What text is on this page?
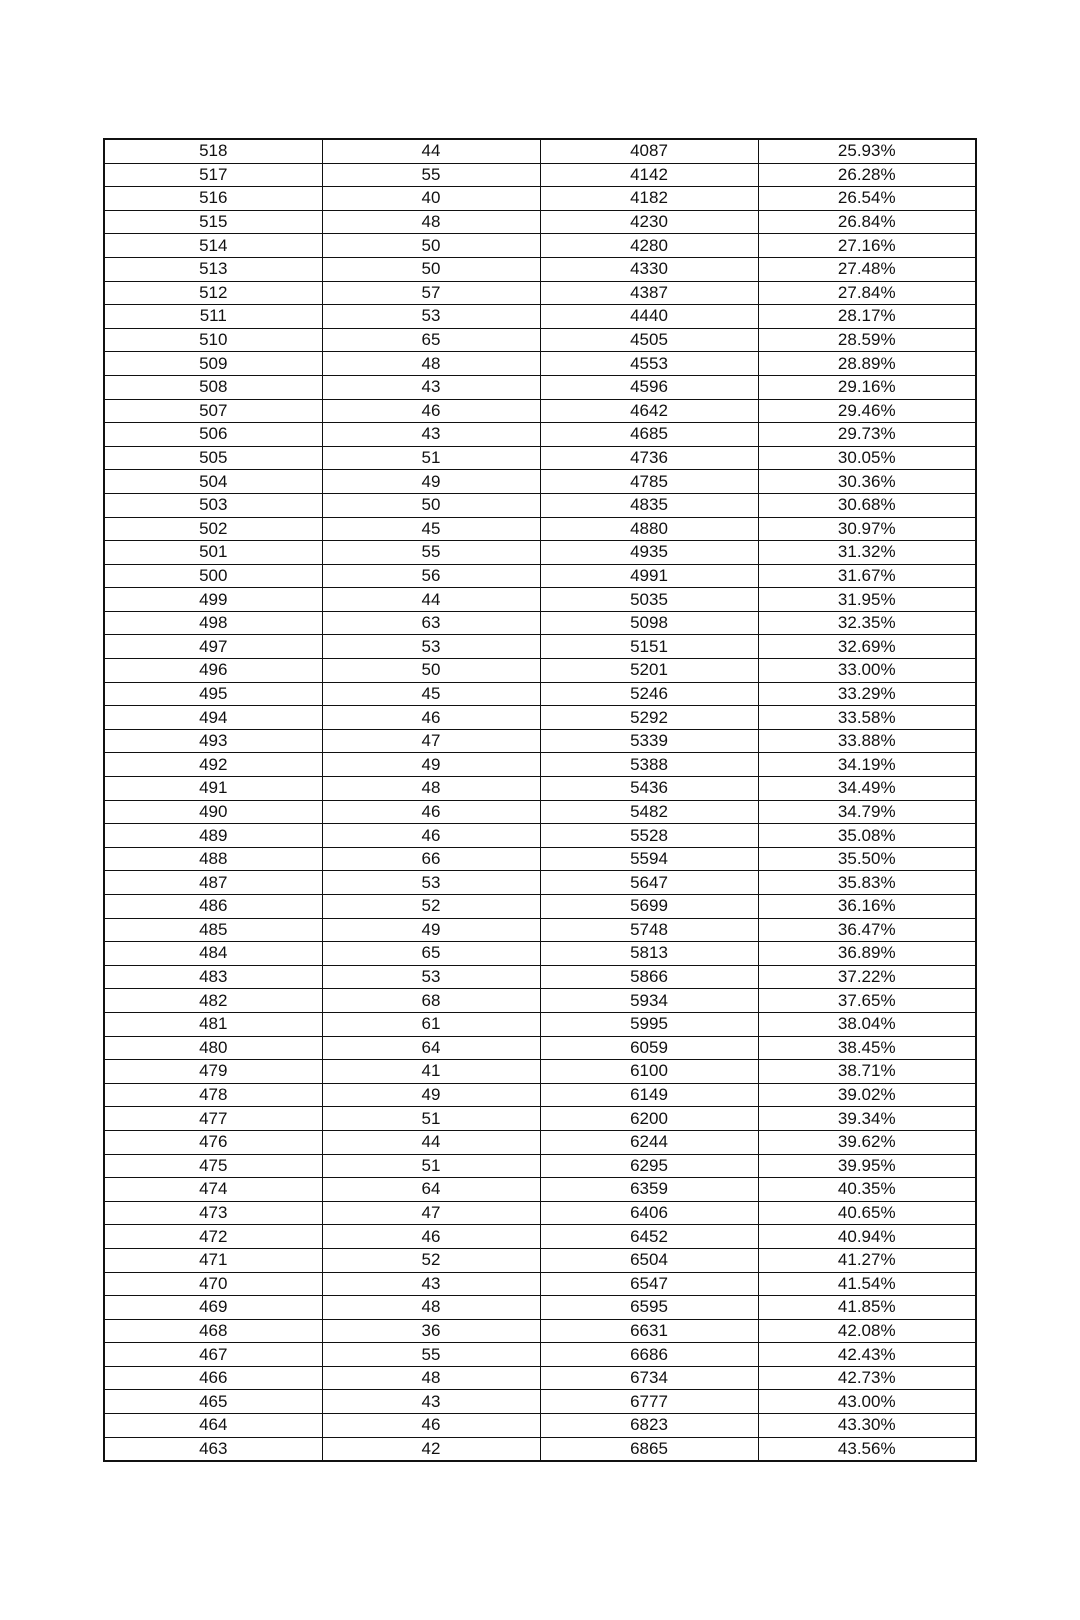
518	44	4087	25.93%
517	55	4142	26.28%
516	40	4182	26.54%
515	48	4230	26.84%
514	50	4280	27.16%
513	50	4330	27.48%
512	57	4387	27.84%
511	53	4440	28.17%
510	65	4505	28.59%
509	48	4553	28.89%
508	43	4596	29.16%
507	46	4642	29.46%
506	43	4685	29.73%
505	51	4736	30.05%
504	49	4785	30.36%
503	50	4835	30.68%
502	45	4880	30.97%
501	55	4935	31.32%
500	56	4991	31.67%
499	44	5035	31.95%
498	63	5098	32.35%
497	53	5151	32.69%
496	50	5201	33.00%
495	45	5246	33.29%
494	46	5292	33.58%
493	47	5339	33.88%
492	49	5388	34.19%
491	48	5436	34.49%
490	46	5482	34.79%
489	46	5528	35.08%
488	66	5594	35.50%
487	53	5647	35.83%
486	52	5699	36.16%
485	49	5748	36.47%
484	65	5813	36.89%
483	53	5866	37.22%
482	68	5934	37.65%
481	61	5995	38.04%
480	64	6059	38.45%
479	41	6100	38.71%
478	49	6149	39.02%
477	51	6200	39.34%
476	44	6244	39.62%
475	51	6295	39.95%
474	64	6359	40.35%
473	47	6406	40.65%
472	46	6452	40.94%
471	52	6504	41.27%
470	43	6547	41.54%
469	48	6595	41.85%
468	36	6631	42.08%
467	55	6686	42.43%
466	48	6734	42.73%
465	43	6777	43.00%
464	46	6823	43.30%
463	42	6865	43.56%
